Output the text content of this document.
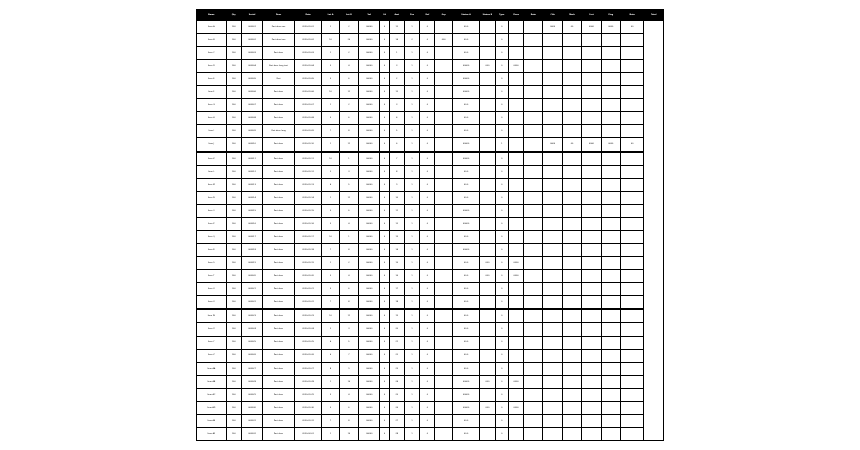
Name	Qty	Serial	Desc	Date	Lot A	Lot B	Val	Cd	Amt	Pos	Ref	Grp	Status A	Status B	Type	Class	Rate	Chk	Mark	Cert	Flag	Note	Total
Item A	100	000001	Part desc one	2020-01-01	1	2	00000	0	12	1	0		00.0		0			0000	00	0000	0000	00	
Item B	100	000002	Part desc two	2020-01-02	10	20	00000	0	14	2	0	000	00.0		0								
Item C	100	000003	Part desc	2020-01-03	1	2	00000	0	1	1	0		00.0		0								
Item D	100	000004	Part desc long text	2020-01-04	3	4	00000	0	3	1	0		00000	000	0	0000							
Item E	100	000005	Part	2020-01-05	5	6	00000	0	2	1	0		00000		0								
Item F	100	000006	Part desc	2020-01-06	10	11	00000	0	12	1	0		00000		0								
Item G	100	000007	Part desc	2020-01-07	1	2	00000	0	3	1	0		00.0		0								
Item H	100	000008	Part desc	2020-01-08	5	6	00000	0	4	1	0		00.0		0								
Item I	100	000009	Part desc long	2020-01-09	7	8	00000	0	5	1	0		00.0		0								
Item J	100	000010	Part desc	2020-01-10	1	11	00000	0	6	1	0		00000		1			0000	00	0000	0000	00	
Item K	100	000011	Part desc	2020-01-11	10	1	00000	0	7	1	0		00000		0								
Item L	100	000012	Part desc	2020-01-12	2	3	00000	0	8	1	0		00.0		0								
Item M	100	000013	Part desc	2020-01-13	4	5	00000	0	9	1	0		00.0		0								
Item N	100	000014	Part desc	2020-01-14	1	11	00000	0	10	1	0		00.0		0								
Item O	100	000015	Part desc	2020-01-15	5	6	00000	0	11	1	0		00000		0								
Item P	100	000016	Part desc	2020-01-16	3	4	00000	0	12	1	0		00000		0								
Item Q	100	000017	Part desc	2020-01-17	10	1	00000	0	13	1	0		00.0		0								
Item R	100	000018	Part desc	2020-01-18	7	8	00000	0	14	1	0		00000		0								
Item S	100	000019	Part desc	2020-01-19	1	2	00000	0	15	1	0		00.0	000	0	0000							
Item T	100	000020	Part desc	2020-01-20	3	4	00000	0	16	1	0		00.0	000	0	0000							
Item U	100	000021	Part desc	2020-01-21	5	6	00000	0	17	1	0		00.0		0								
Item V	100	000022	Part desc	2020-01-22	7	8	00000	0	18	1	0		00.0		0								
Item W	100	000023	Part desc	2020-01-23	10	11	00000	0	19	1	0		00.0		0								
Item X	100	000024	Part desc	2020-01-24	2	3	00000	0	20	1	0		00.0		0								
Item Y	100	000025	Part desc	2020-01-25	4	5	00000	0	21	1	0		00.0		0								
Item Z	100	000026	Part desc	2020-01-26	6	7	00000	0	22	1	0		00.0		0								
Item AA	100	000027	Part desc	2020-01-27	8	9	00000	0	23	1	0		00.0		0								
Item AB	100	000028	Part desc	2020-01-28	1	10	00000	0	24	1	0		00000	000	0	0000							
Item AC	100	000029	Part desc	2020-01-29	3	4	00000	0	25	1	0		00000		0								
Item AD	100	000030	Part desc	2020-01-30	5	6	00000	0	26	1	0		00000	000	0	0000							
Item AE	100	000031	Part desc	2020-01-31	7	8	00000	0	27	1	0		00.0		0								
Item AF	100	000032	Part desc	2020-02-01	1	10	00000	0	28	1	0		00.0		0								
